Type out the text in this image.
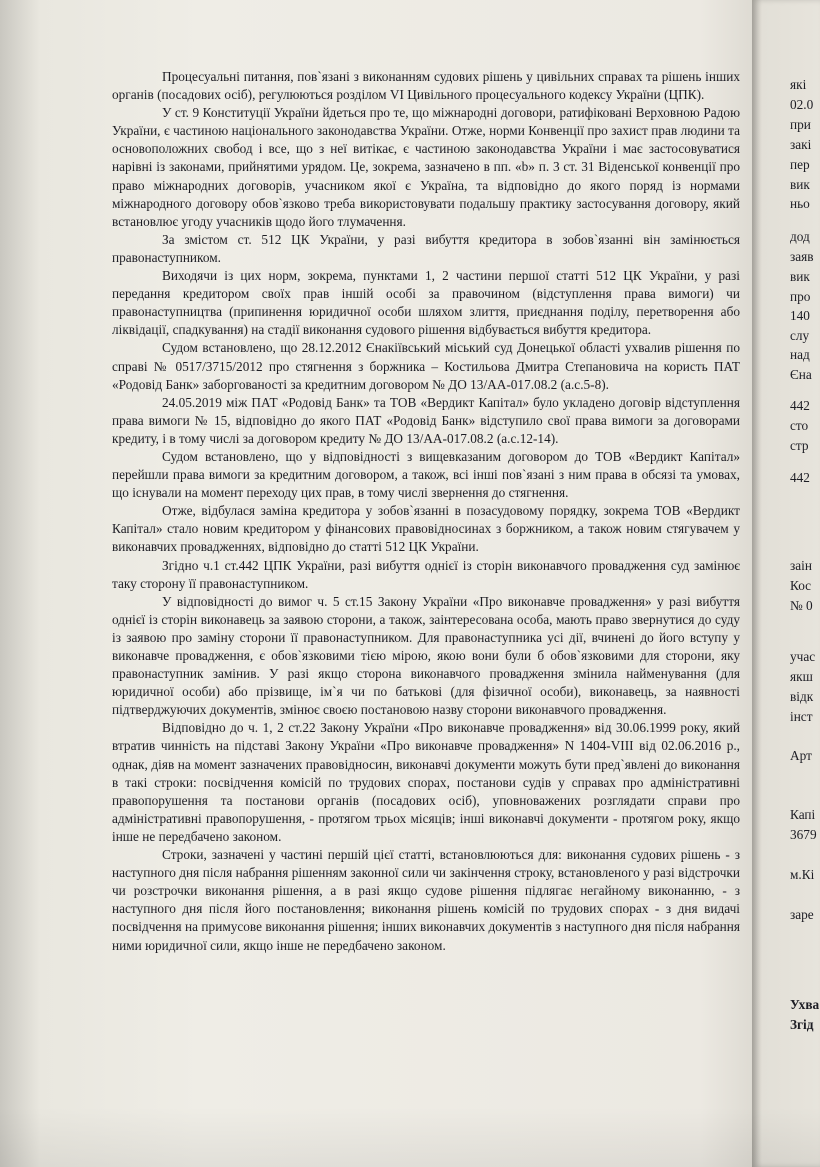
Процесуальні питання, пов`язані з виконанням судових рішень у цивільних справах та рішень інших органів (посадових осіб), регулюються розділом VI Цивільного процесуального кодексу України (ЦПК).

У ст. 9 Конституції України йдеться про те, що міжнародні договори, ратифіковані Верховною Радою України, є частиною національного законодавства України. Отже, норми Конвенції про захист прав людини та основоположних свобод і все, що з неї витікає, є частиною законодавства України і має застосовуватися нарівні із законами, прийнятими урядом. Це, зокрема, зазначено в пп. «b» п. 3 ст. 31 Віденської конвенції про право міжнародних договорів, учасником якої є Україна, та відповідно до якого поряд із нормами міжнародного договору обов`язково треба використовувати подальшу практику застосування договору, який встановлює угоду учасників щодо його тлумачення.

За змістом ст. 512 ЦК України, у разі вибуття кредитора в зобов`язанні він замінюється правонаступником.

Виходячи із цих норм, зокрема, пунктами 1, 2 частини першої статті 512 ЦК України, у разі передання кредитором своїх прав іншій особі за правочином (відступлення права вимоги) чи правонаступництва (припинення юридичної особи шляхом злиття, приєднання поділу, перетворення або ліквідації, спадкування) на стадії виконання судового рішення відбувається вибуття кредитора.

Судом встановлено, що 28.12.2012 Єнакіївський міський суд Донецької області ухвалив рішення по справі № 0517/3715/2012 про стягнення з боржника – Костильова Дмитра Степановича на користь ПАТ «Родовід Банк» заборгованості за кредитним договором № ДО 13/АА-017.08.2 (а.с.5-8).

24.05.2019 між ПАТ «Родовід Банк» та ТОВ «Вердикт Капітал» було укладено договір відступлення права вимоги № 15, відповідно до якого ПАТ «Родовід Банк» відступило свої права вимоги за договорами кредиту, і в тому числі за договором кредиту № ДО 13/АА-017.08.2 (а.с.12-14).

Судом встановлено, що у відповідності з вищевказаним договором до ТОВ «Вердикт Капітал» перейшли права вимоги за кредитним договором, а також, всі інші пов`язані з ним права в обсязі та умовах, що існували на момент переходу цих прав, в тому числі звернення до стягнення.

Отже, відбулася заміна кредитора у зобов`язанні в позасудовому порядку, зокрема ТОВ «Вердикт Капітал» стало новим кредитором у фінансових правовідносинах з боржником, а також новим стягувачем у виконавчих провадженнях, відповідно до статті 512 ЦК України.

Згідно ч.1 ст.442 ЦПК України, разі вибуття однієї із сторін виконавчого провадження суд замінює таку сторону її правонаступником.

У відповідності до вимог ч. 5 ст.15 Закону України «Про виконавче провадження» у разі вибуття однієї із сторін виконавець за заявою сторони, а також, заінтересована особа, мають право звернутися до суду із заявою про заміну сторони її правонаступником. Для правонаступника усі дії, вчинені до його вступу у виконавче провадження, є обов`язковими тією мірою, якою вони були б обов`язковими для сторони, яку правонаступник замінив. У разі якщо сторона виконавчого провадження змінила найменування (для юридичної особи) або прізвище, ім`я чи по батькові (для фізичної особи), виконавець, за наявності підтверджуючих документів, змінює своєю постановою назву сторони виконавчого провадження.

Відповідно до ч. 1, 2 ст.22 Закону України «Про виконавче провадження» від 30.06.1999 року, який втратив чинність на підставі Закону України «Про виконавче провадження» N 1404-VIII від 02.06.2016 р., однак, діяв на момент зазначених правовідносин, виконавчі документи можуть бути пред`явлені до виконання в такі строки: посвідчення комісій по трудових спорах, постанови судів у справах про адміністративні правопорушення та постанови органів (посадових осіб), уповноважених розглядати справи про адміністративні правопорушення, - протягом трьох місяців; інші виконавчі документи - протягом року, якщо інше не передбачено законом.

Строки, зазначені у частині першій цієї статті, встановлюються для: виконання судових рішень - з наступного дня після набрання рішенням законної сили чи закінчення строку, встановленого у разі відстрочки чи розстрочки виконання рішення, а в разі якщо судове рішення підлягає негайному виконанню, - з наступного дня після його постановлення; виконання рішень комісій по трудових спорах - з дня видачі посвідчення на примусове виконання рішення; інших виконавчих документів з наступного дня після набрання ними юридичної сили, якщо інше не передбачено законом.

які
02.0
при
закі
пер
вик
ньо
дод
заяв
вик
про
140
слу
над
Єна
442
сто
стр
442
заін
Кос
№ 0
учас
якш
відк
інст
Арт
Капі
3679
м.Кі
заре
Ухва
Згід
